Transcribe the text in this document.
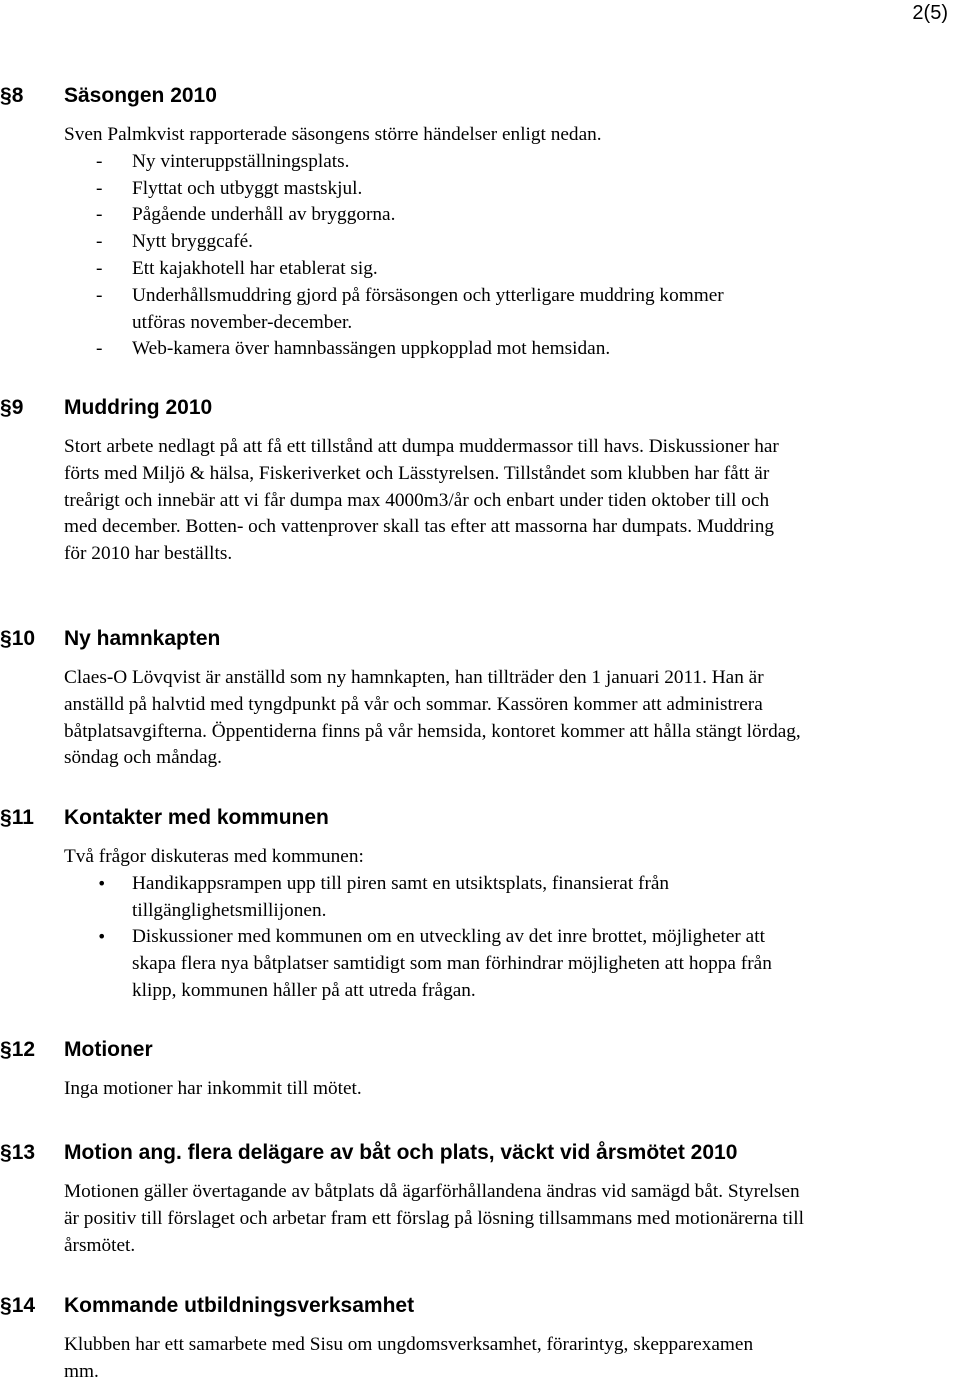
2(5)
§8 Säsongen 2010

Sven Palmkvist rapporterade säsongens större händelser enligt nedan.

- Ny vinteruppställningsplats.
- Flyttat och utbyggt mastskjul.
- Pågående underhåll av bryggorna.
- Nytt bryggcafé.
- Ett kajakhotell har etablerat sig.
- Underhållsmuddring gjord på försäsongen och ytterligare muddring kommer utföras november-december.
- Web-kamera över hamnbassängen uppkopplad mot hemsidan.
§9 Muddring 2010

Stort arbete nedlagt på att få ett tillstånd att dumpa muddermassor till havs. Diskussioner har förts med Miljö & hälsa, Fiskeriverket och Lässtyrelsen. Tillståndet som klubben har fått är treårigt och innebär att vi får dumpa max 4000m3/år och enbart under tiden oktober till och med december. Botten- och vattenprover skall tas efter att massorna har dumpats. Muddring för 2010 har beställts.

§10 Ny hamnkapten

Claes-O Lövqvist är anställd som ny hamnkapten, han tillträder den 1 januari 2011. Han är anställd på halvtid med tyngdpunkt på vår och sommar. Kassören kommer att administrera båtplatsavgifterna. Öppentiderna finns på vår hemsida, kontoret kommer att hålla stängt lördag, söndag och måndag.

§11 Kontakter med kommunen

Två frågor diskuteras med kommunen:

• Handikappsrampen upp till piren samt en utsiktsplats, finansierat från tillgänglighetsmillijonen.
• Diskussioner med kommunen om en utveckling av det inre brottet, möjligheter att skapa flera nya båtplatser samtidigt som man förhindrar möjligheten att hoppa från klipp, kommunen håller på att utreda frågan.
§12 Motioner

Inga motioner har inkommit till mötet.

§13 Motion ang. flera delägare av båt och plats, väckt vid årsmötet 2010

Motionen gäller övertagande av båtplats då ägarförhållandena ändras vid samägd båt. Styrelsen är positiv till förslaget och arbetar fram ett förslag på lösning tillsammans med motionärerna till årsmötet.

§14 Kommande utbildningsverksamhet

Klubben har ett samarbete med Sisu om ungdomsverksamhet, förarintyg, skepparexamen mm.
